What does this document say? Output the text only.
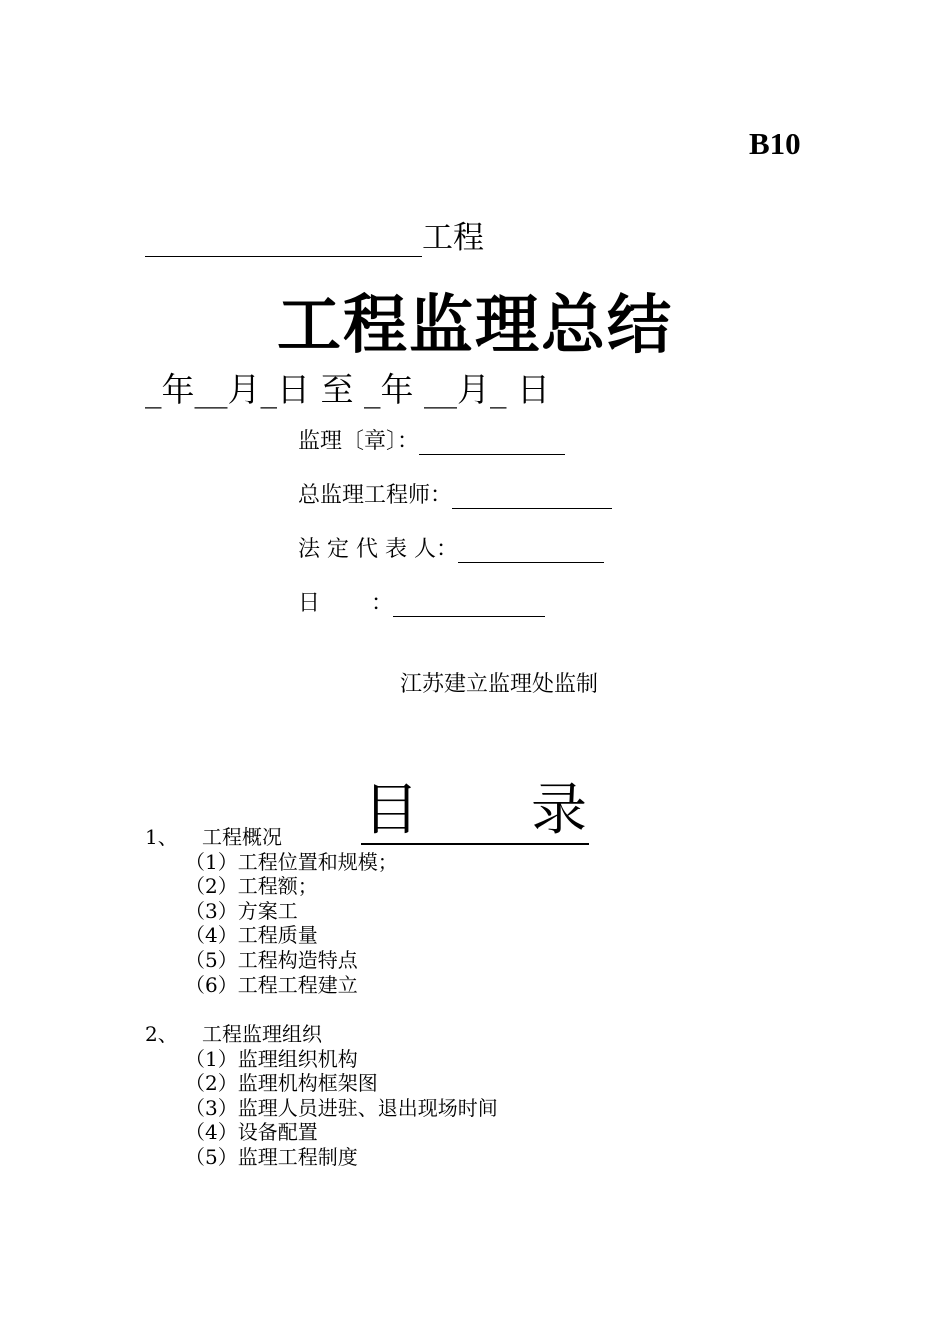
B10
工程
工程监理总结
_年__月_日 至 _年 __月_ 日
监理〔章〕：
总监理工程师：
法 定 代 表 人：
日 　　：
江苏建立监理处监制
目　　录
1、 工程概况
（1）工程位置和规模；
（2）工程额；
（3）方案工
（4）工程质量
（5）工程构造特点
（6）工程工程建立
2、 工程监理组织
（1）监理组织机构
（2）监理机构框架图
（3）监理人员进驻、退出现场时间
（4）设备配置
（5）监理工程制度
